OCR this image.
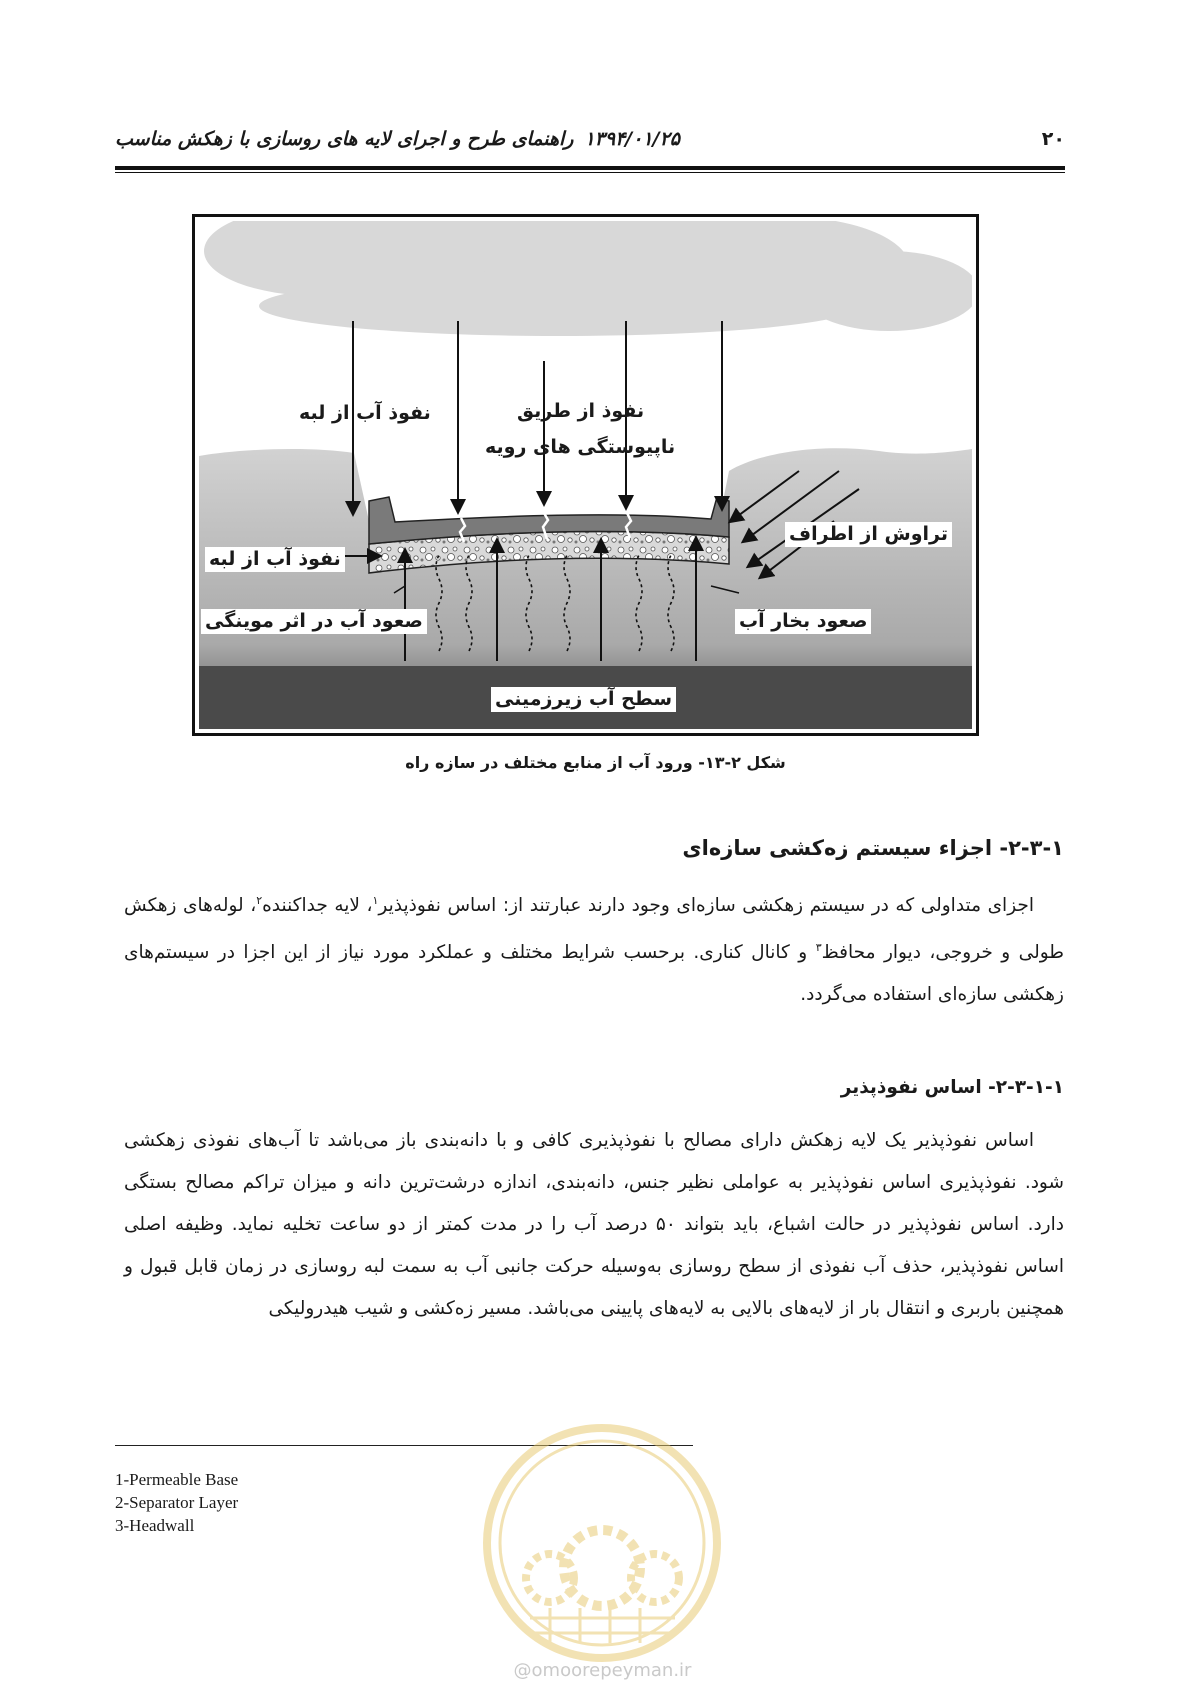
۲۰
۱۳۹۴/۰۱/۲۵
راهنمای طرح و اجرای لایه های روسازی با زهکش مناسب
نفوذ آب از لبه	نفوذ از طریق
ناپیوستگی های رویه
تراوش از اطراف
نفوذ آب از لبه
صعود آب در اثر موینگی	صعود بخار آب
سطح آب زیرزمینی
شکل ۲-۱۳- ورود آب از منابع مختلف در سازه راه
۲-۳-۱- اجزاء سیستم زه‌کشی سازه‌ای

اجزای متداولی که در سیستم زهکشی سازه‌ای وجود دارند عبارتند از: اساس نفوذپذیر$^۱$، لایه جداکننده$^۲$، لوله‌های زهکش طولی و خروجی، دیوار محافظ$^۳$ و کانال کناری. برحسب شرایط مختلف و عملکرد مورد نیاز از این اجزا در سیستم‌های زهکشی سازه‌ای استفاده می‌گردد.

۲-۳-۱-۱- اساس نفوذپذیر

اساس نفوذپذیر یک لایه زهکش دارای مصالح با نفوذپذیری کافی و با دانه‌بندی باز می‌باشد تا آب‌های نفوذی زهکشی شود. نفوذپذیری اساس نفوذپذیر به عواملی نظیر جنس، دانه‌بندی، اندازه درشت‌ترین دانه و میزان تراکم مصالح بستگی دارد. اساس نفوذپذیر در حالت اشباع، باید بتواند ۵۰ درصد آب را در مدت کمتر از دو ساعت تخلیه نماید. وظیفه اصلی اساس نفوذپذیر، حذف آب نفوذی از سطح روسازی به‌وسیله حرکت جانبی آب به سمت لبه روسازی در زمان قابل قبول و همچنین باربری و انتقال بار از لایه‌های بالایی به لایه‌های پایینی می‌باشد. مسیر زه‌کشی و شیب هیدرولیکی

1-Permeable Base
2-Separator Layer
3-Headwall
@omoorepeyman.ir
